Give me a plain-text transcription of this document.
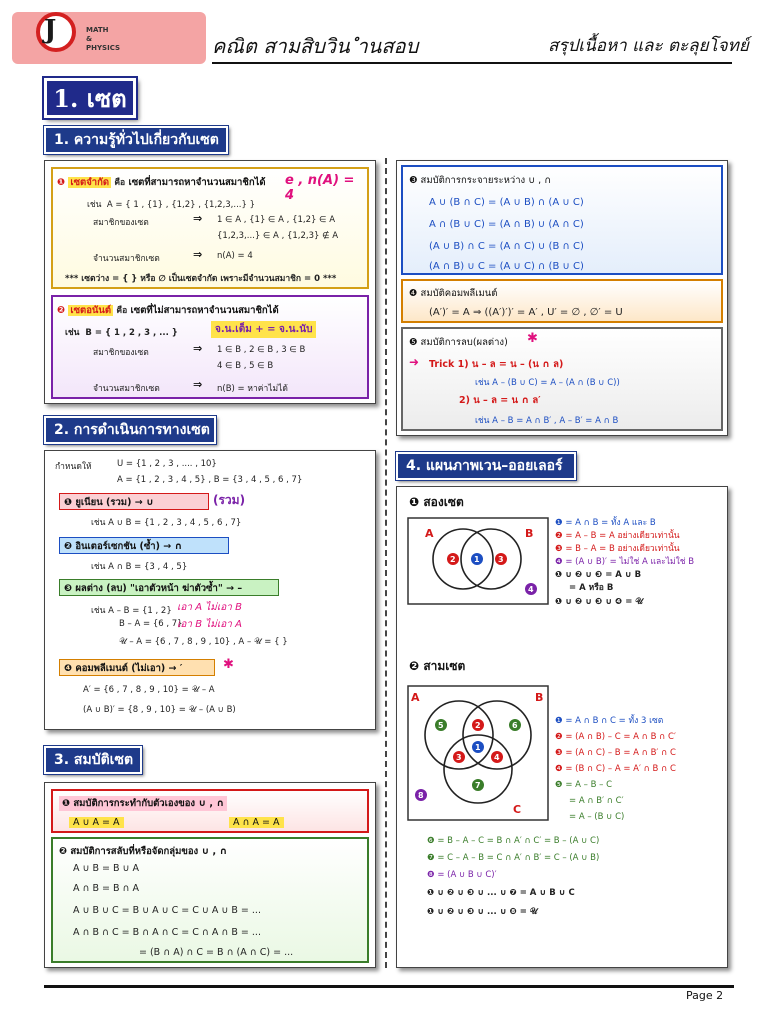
J	MATH
&
PHYSICS	คณิต สามสิบวิน ำนสอบ	สรุปเนื้อหา และ ตะลุยโจทย์
1. เซต
1. ความรู้ทั่วไปเกี่ยวกับเซต
❶ เซตจำกัด คือ เซตที่สามารถหาจำนวนสมาชิกได้ e , n(A) = 4
เช่น A = { 1 , {1} , {1,2} , {1,2,3,...} }
สมาชิกของเซต	⇒ 1 ∈ A , {1} ∈ A , {1,2} ∈ A
{1,2,3,...} ∈ A , {1,2,3} ∉ A
จำนวนสมาชิกเซต	⇒ n(A) = 4
*** เซตว่าง = { } หรือ ∅ เป็นเซตจำกัด เพราะมีจำนวนสมาชิก = 0 ***
❷ เซตอนันต์ คือ เซตที่ไม่สามารถหาจำนวนสมาชิกได้
เช่น B = { 1 , 2 , 3 , ... }	จ.น.เต็ม + = จ.น.นับ
สมาชิกของเซต	⇒ 1 ∈ B , 2 ∈ B , 3 ∈ B
4 ∈ B , 5 ∈ B
จำนวนสมาชิกเซต	⇒ n(B) = หาค่าไม่ได้
2. การดำเนินการทางเซต
กำหนดให้	U = {1 , 2 , 3 , .... , 10}
A = {1 , 2 , 3 , 4 , 5} , B = {3 , 4 , 5 , 6 , 7}
❶ ยูเนียน (รวม) → ∪	(รวม)
เช่น A ∪ B = {1 , 2 , 3 , 4 , 5 , 6 , 7}
❷ อินเตอร์เซกชัน (ซ้ำ) → ∩
เช่น A ∩ B = {3 , 4 , 5}
❸ ผลต่าง (ลบ) "เอาตัวหน้า ฆ่าตัวซ้ำ" → –
เช่น A – B = {1 , 2} เอา A ไม่เอา B
B – A = {6 , 7}
เอา B ไม่เอา A
𝒰 – A = {6 , 7 , 8 , 9 , 10} , A – 𝒰 = { }
❹ คอมพลีเมนต์ (ไม่เอา) → ′	✱
A′ = {6 , 7 , 8 , 9 , 10} = 𝒰 – A
(A ∪ B)′ = {8 , 9 , 10} = 𝒰 – (A ∪ B)
3. สมบัติเซต
❶ สมบัติการกระทำกับตัวเองของ ∪ , ∩
A ∪ A = A	A ∩ A = A
❷ สมบัติการสลับที่หรือจัดกลุ่มของ ∪ , ∩
A ∪ B = B ∪ A
A ∩ B = B ∩ A
A ∪ B ∪ C = B ∪ A ∪ C = C ∪ A ∪ B = ...
A ∩ B ∩ C = B ∩ A ∩ C = C ∩ A ∩ B = ...
= (B ∩ A) ∩ C = B ∩ (A ∩ C) = ...
❸ สมบัติการกระจายระหว่าง ∪ , ∩
A ∪ (B ∩ C) = (A ∪ B) ∩ (A ∪ C)
A ∩ (B ∪ C) = (A ∩ B) ∪ (A ∩ C)
(A ∪ B) ∩ C = (A ∩ C) ∪ (B ∩ C)
(A ∩ B) ∪ C = (A ∪ C) ∩ (B ∪ C)
❹ สมบัติคอมพลีเมนต์
(A′)′ = A ⇒ ((A′)′)′ = A′ , U′ = ∅ , ∅′ = U
❺ สมบัติการลบ(ผลต่าง) ✱
➜ Trick 1) น – ล = น – (น ∩ ล)
เช่น A – (B ∪ C) = A – (A ∩ (B ∪ C))
2) น – ล = น ∩ ล′
เช่น A – B = A ∩ B′ , A – B′ = A ∩ B
4. แผนภาพเวน–ออยเลอร์
❶ สองเซต
A	B
1
2	3
4
❶ = A ∩ B = ทั้ง A และ B
❷ = A – B = A อย่างเดียวเท่านั้น
❸ = B – A = B อย่างเดียวเท่านั้น
❹ = (A ∪ B)′ = ไม่ใช่ A และไม่ใช่ B
❶ ∪ ❷ ∪ ❸ = A ∪ B
= A หรือ B
❶ ∪ ❷ ∪ ❸ ∪ ❹ = 𝒰
❷ สามเซต
A	B
C
1
2
3	4
5	6
7
8
❶ = A ∩ B ∩ C = ทั้ง 3 เซต
❷ = (A ∩ B) – C = A ∩ B ∩ C′
❸ = (A ∩ C) – B = A ∩ B′ ∩ C
❹ = (B ∩ C) – A = A′ ∩ B ∩ C
❺ = A – B – C
= A ∩ B′ ∩ C′
= A – (B ∪ C)
❻ = B – A – C = B ∩ A′ ∩ C′ = B – (A ∪ C)
❼ = C – A – B = C ∩ A′ ∩ B′ = C – (A ∪ B)
❽ = (A ∪ B ∪ C)′
❶ ∪ ❷ ∪ ❸ ∪ ... ∪ ❼ = A ∪ B ∪ C
❶ ∪ ❷ ∪ ❸ ∪ ... ∪ ❽ = 𝒰
Page 2
